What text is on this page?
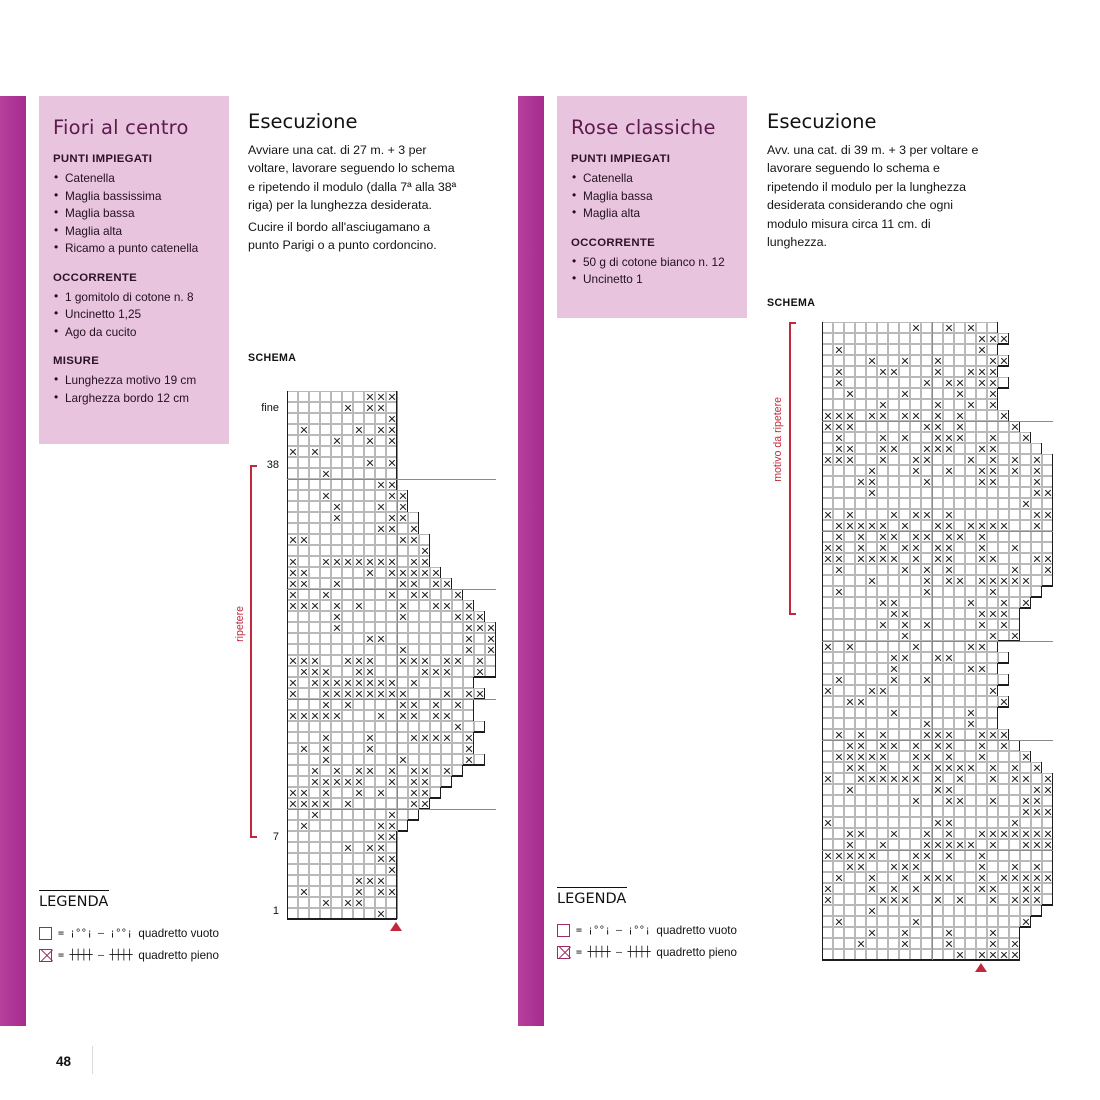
Fiori al centro
PUNTI IMPIEGATI
• Catenella
• Maglia bassissima
• Maglia bassa
• Maglia alta
• Ricamo a punto catenella
OCCORRENTE
• 1 gomitolo di cotone n. 8
• Uncinetto 1,25
• Ago da cucito
MISURE
• Lunghezza motivo 19 cm
• Larghezza bordo 12 cm
Esecuzione

Avviare una cat. di 27 m. + 3 per voltare, lavorare seguendo lo schema e ripetendo il modulo (dalla 7ª alla 38ª riga) per la lunghezza desiderata.

Cucire il bordo all'asciugamano a punto Parigi o a punto cordoncino.

SCHEMA
Rose classiche
PUNTI IMPIEGATI
• Catenella
• Maglia bassa
• Maglia alta
OCCORRENTE
• 50 g di cotone bianco n. 12
• Uncinetto 1
Esecuzione

Avv. una cat. di 39 m. + 3 per voltare e lavorare seguendo lo schema e ripetendo il modulo per la lunghezza desiderata considerando che ogni modulo misura circa 11 cm. di lunghezza.

SCHEMA
fine
38
7
1
ripetere
motivo da ripetere
LEGENDA
= ¡°°¡ – ¡°°¡ quadretto vuoto
= ┼┼┼┼ – ┼┼┼┼ quadretto pieno
LEGENDA
= ¡°°¡ – ¡°°¡ quadretto vuoto
= ┼┼┼┼ – ┼┼┼┼ quadretto pieno
48
